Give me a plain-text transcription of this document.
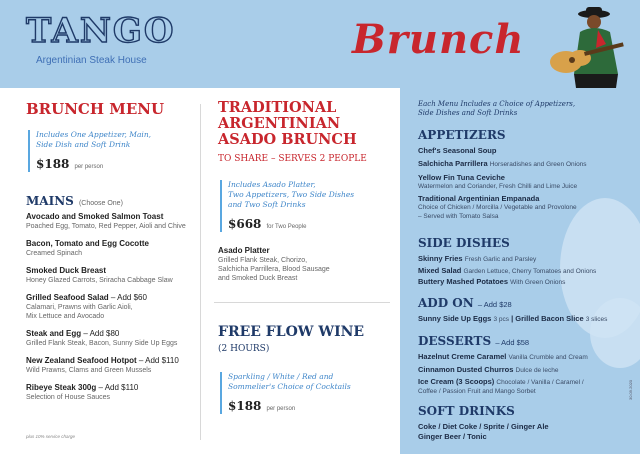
TANGO
Argentinian Steak House	Brunch
BRUNCH MENU
Includes One Appetizer, Main,
Side Dish and Soft Drink
$188 per person
MAINS (Choose One)
Avocado and Smoked Salmon Toast
Poached Egg, Tomato, Red Pepper, Aioli and Chive
Bacon, Tomato and Egg Cocotte
Creamed Spinach
Smoked Duck Breast
Honey Glazed Carrots, Sriracha Cabbage Slaw
Grilled Seafood Salad – Add $60
Calamari, Prawns with Garlic Aioli,
Mix Lettuce and Avocado
Steak and Egg – Add $80
Grilled Flank Steak, Bacon, Sunny Side Up Eggs
New Zealand Seafood Hotpot – Add $110
Wild Prawns, Clams and Green Mussels
Ribeye Steak 300g – Add $110
Selection of House Sauces
plus 10% service charge
TRADITIONAL
ARGENTINIAN
ASADO BRUNCH
TO SHARE – SERVES 2 PEOPLE
Includes Asado Platter,
Two Appetizers, Two Side Dishes
and Two Soft Drinks
$668 for Two People
Asado Platter
Grilled Flank Steak, Chorizo,
Salchicha Parrillera, Blood Sausage
and Smoked Duck Breast
FREE FLOW WINE
(2 HOURS)
Sparkling / White / Red and
Sommelier's Choice of Cocktails
$188 per person
Each Menu Includes a Choice of Appetizers,
Side Dishes and Soft Drinks
APPETIZERS
Chef's Seasonal Soup
Salchicha Parrillera Horseradishes and Green Onions
Yellow Fin Tuna Ceviche
Watermelon and Coriander, Fresh Chilli and Lime Juice
Traditional Argentinian Empanada
Choice of Chicken / Morcilla / Vegetable and Provolone
– Served with Tomato Salsa
SIDE DISHES
Skinny Fries Fresh Garlic and Parsley
Mixed Salad Garden Lettuce, Cherry Tomatoes and Onions
Buttery Mashed Potatoes With Green Onions
ADD ON – Add $28
Sunny Side Up Eggs 3 pcs | Grilled Bacon Slice 3 slices
DESSERTS – Add $58
Hazelnut Creme Caramel Vanilla Crumble and Cream
Cinnamon Dusted Churros Dulce de leche
Ice Cream (3 Scoops) Chocolate / Vanilla / Caramel /
Coffee / Passion Fruit and Mango Sorbet
SOFT DRINKS
Coke / Diet Coke / Sprite / Ginger Ale
Ginger Beer / Tonic
30.09.2020
